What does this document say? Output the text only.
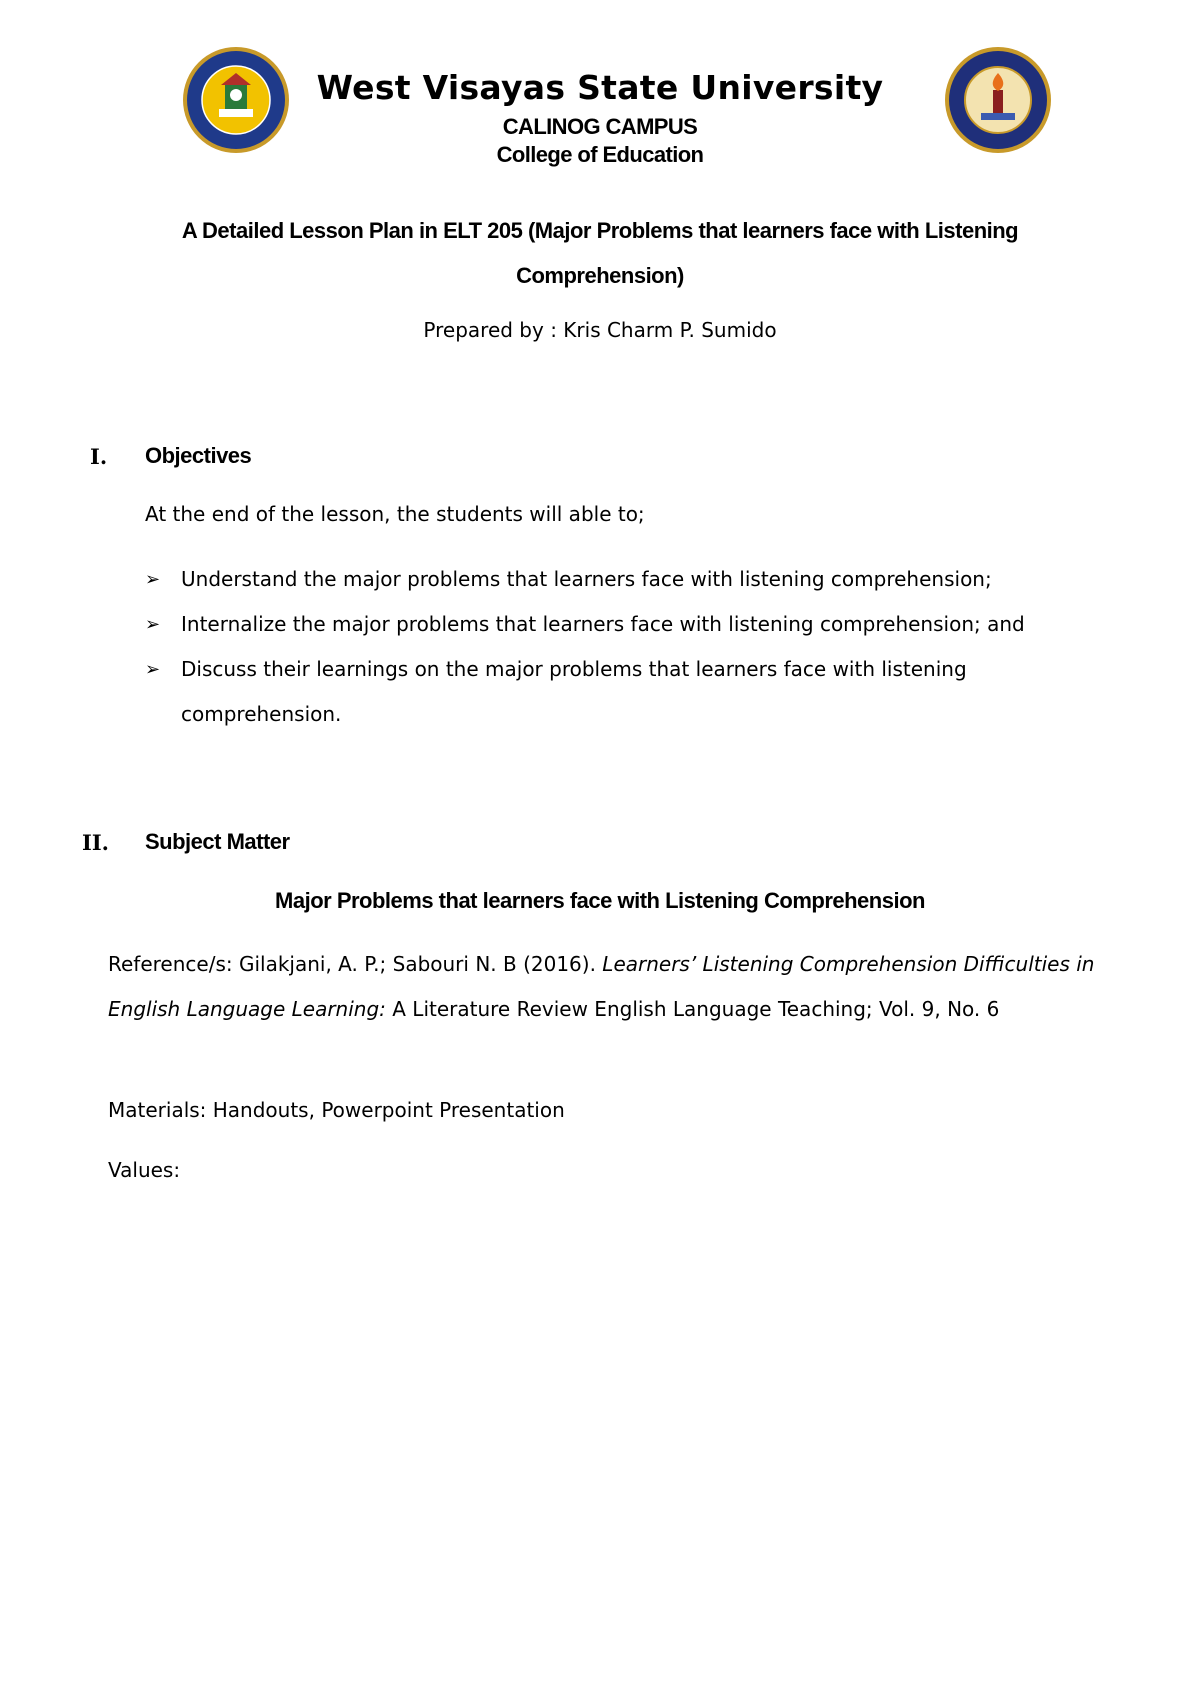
West Visayas State University
CALINOG CAMPUS
College of Education
A Detailed Lesson Plan in ELT 205 (Major Problems that learners face with Listening Comprehension)
Prepared by : Kris Charm P. Sumido
I. Objectives
At the end of the lesson, the students will able to;
➢ Understand the major problems that learners face with listening comprehension;
➢ Internalize the major problems that learners face with listening comprehension; and
➢ Discuss their learnings on the major problems that learners face with listening comprehension.
II. Subject Matter
Major Problems that learners face with Listening Comprehension
Reference/s: Gilakjani, A. P.; Sabouri N. B (2016). Learners’ Listening Comprehension Difficulties in English Language Learning: A Literature Review English Language Teaching; Vol. 9, No. 6
Materials: Handouts, Powerpoint Presentation
Values:
